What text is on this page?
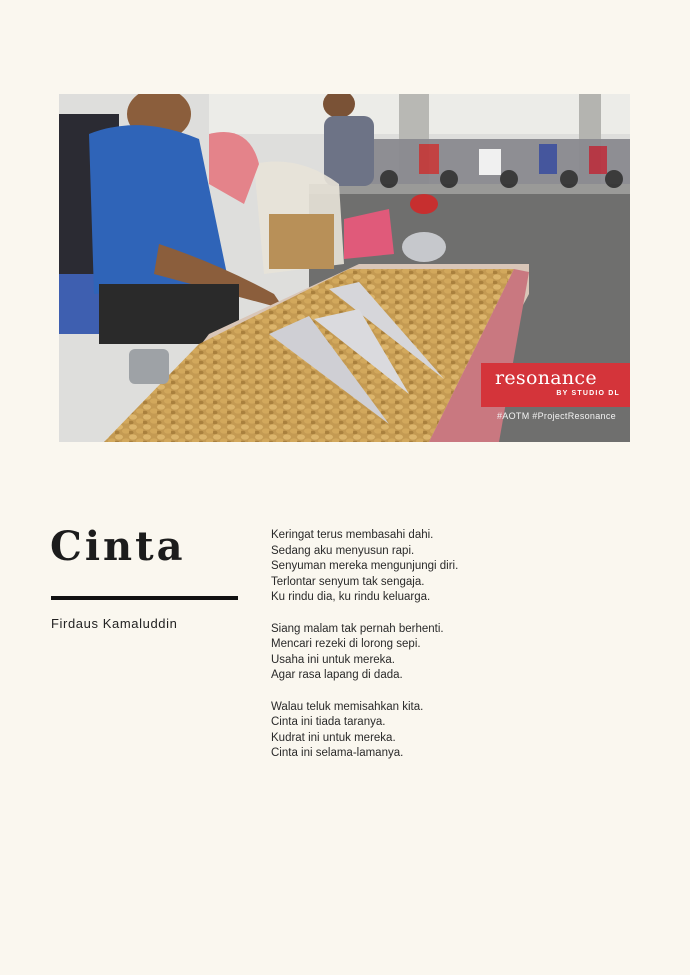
resonance
BY STUDIO DL
#AOTM #ProjectResonance
Cinta
Firdaus Kamaluddin
Keringat terus membasahi dahi.
Sedang aku menyusun rapi.
Senyuman mereka mengunjungi diri.
Terlontar senyum tak sengaja.
Ku rindu dia, ku rindu keluarga.
Siang malam tak pernah berhenti.
Mencari rezeki di lorong sepi.
Usaha ini untuk mereka.
Agar rasa lapang di dada.
Walau teluk memisahkan kita.
Cinta ini tiada taranya.
Kudrat ini untuk mereka.
Cinta ini selama-lamanya.
